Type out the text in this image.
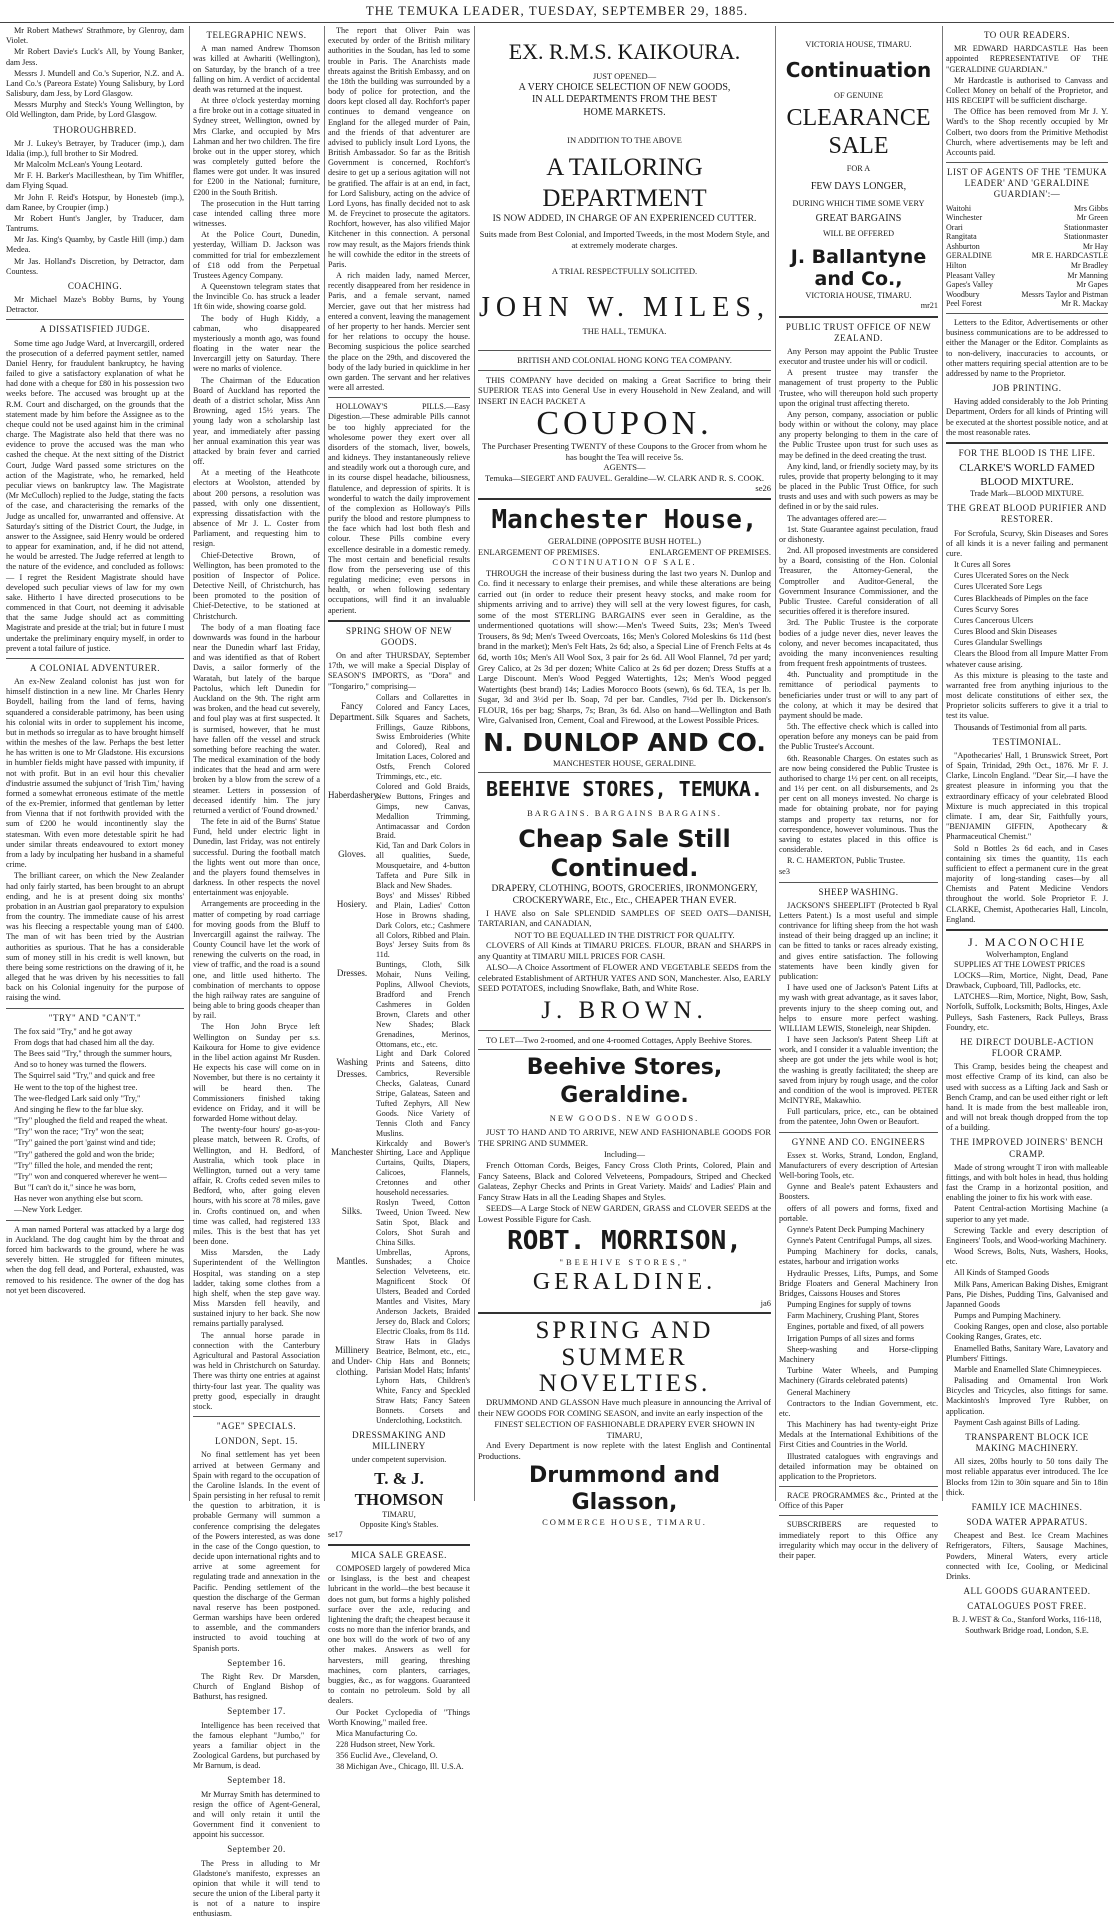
THE TEMUKA LEADER, TUESDAY, SEPTEMBER 29, 1885.

Mr Robert Mathews' Strathmore, by Glenroy, dam Violet.

Mr Robert Davie's Luck's All, by Young Banker, dam Jess.

Messrs J. Mundell and Co.'s Superior, N.Z. and A. Land Co.'s (Pareora Estate) Young Salisbury, by Lord Salisbury, dam Jess, by Lord Glasgow.

Messrs Murphy and Steck's Young Wellington, by Old Wellington, dam Pride, by Lord Glasgow.

THOROUGHBRED.

Mr J. Lukey's Betrayer, by Traducer (imp.), dam Idalia (imp.), full brother to Sir Modred.

Mr Malcolm McLean's Young Leotard.

Mr F. H. Barker's Macillesthean, by Tim Whiffler, dam Flying Squad.

Mr John F. Reid's Hotspur, by Honesteb (imp.), dam Ranee, by Croupier (imp.)

Mr Robert Hunt's Jangler, by Traducer, dam Tantrums.

Mr Jas. King's Quamby, by Castle Hill (imp.) dam Medea.

Mr Jas. Holland's Discretion, by Detractor, dam Countess.

COACHING.

Mr Michael Maze's Bobby Burns, by Young Detractor.

A DISSATISFIED JUDGE.

Some time ago Judge Ward, at Invercargill, ordered the prosecution of a deferred payment settler, named Daniel Henry, for fraudulent bankruptcy, he having failed to give a satisfactory explanation of what he had done with a cheque for £80 in his possession two weeks before. The accused was brought up at the R.M. Court and discharged, on the grounds that the statement made by him before the Assignee as to the cheque could not be used against him in the criminal charge. The Magistrate also held that there was no evidence to prove the accused was the man who cashed the cheque. At the next sitting of the District Court, Judge Ward passed some strictures on the action of the Magistrate, who, he remarked, held peculiar views on bankruptcy law. The Magistrate (Mr McCulloch) replied to the Judge, stating the facts of the case, and characterising the remarks of the Judge as uncalled for, unwarranted and offensive. At Saturday's sitting of the District Court, the Judge, in answer to the Assignee, said Henry would be ordered to appear for examination, and, if he did not attend, he would be arrested. The Judge referred at length to the nature of the evidence, and concluded as follows:— I regret the Resident Magistrate should have developed such peculiar views of law for my own sake. Hitherto I have directed prosecutions to be commenced in that Court, not deeming it advisable that the same Judge should act as committing Magistrate and preside at the trial; but in future I must undertake the preliminary enquiry myself, in order to prevent a total failure of justice.

A COLONIAL ADVENTURER.

An ex-New Zealand colonist has just won for himself distinction in a new line. Mr Charles Henry Boydell, hailing from the land of ferns, having squandered a considerable patrimony, has been using his colonial wits in order to supplement his income, but in methods so irregular as to have brought himself within the meshes of the law. Perhaps the best letter he has written is one to Mr Gladstone. His excursions in humbler fields might have passed with impunity, if not with profit. But in an evil hour this chevalier d'industrie assumed the subjunct of 'Irish Tim,' having formed a somewhat erroneous estimate of the mettle of the ex-Premier, informed that gentleman by letter from Vienna that if not forthwith provided with the sum of £200 he would incontinently slay the statesman. With even more detestable spirit he had under similar threats endeavoured to extort money from a lady by inculpating her husband in a shameful crime.

The brilliant career, on which the New Zealander had only fairly started, has been brought to an abrupt ending, and he is at present doing six months' probation in an Austrian gaol preparatory to expulsion from the country. The immediate cause of his arrest was his fleecing a respectable young man of £400. The man of wit has been tried by the Austrian authorities as spurious. That he has a considerable sum of money still in his credit is well known, but there being some restrictions on the drawing of it, he alleged that he was driven by his necessities to fall back on his Colonial ingenuity for the purpose of raising the wind.

"TRY" AND "CAN'T."

The fox said "Try," and he got away

From dogs that had chased him all the day.

The Bees said "Try," through the summer hours,

And so to honey was turned the flowers.

The Squirrel said "Try," and quick and free

He went to the top of the highest tree.

The wee-fledged Lark said only "Try,"

And singing he flew to the far blue sky.

"Try" ploughed the field and reaped the wheat.

"Try" won the race; "Try" won the seat;

"Try" gained the port 'gainst wind and tide;

"Try" gathered the gold and won the bride;

"Try" filled the hole, and mended the rent;

"Try" won and conquered wherever he went—

But "I can't do it," since he was born,

Has never won anything else but scorn.

—New York Ledger.

A man named Porteral was attacked by a large dog in Auckland. The dog caught him by the throat and forced him backwards to the ground, where he was severely bitten. He struggled for fifteen minutes, when the dog fell dead, and Porteral, exhausted, was removed to his residence. The owner of the dog has not yet been discovered.

TELEGRAPHIC NEWS.

A man named Andrew Thomson was killed at Awhariti (Wellington), on Saturday, by the branch of a tree falling on him. A verdict of accidental death was returned at the inquest.

At three o'clock yesterday morning a fire broke out in a cottage situated in Sydney street, Wellington, owned by Mrs Clarke, and occupied by Mrs Lahman and her two children. The fire broke out in the upper storey, which was completely gutted before the flames were got under. It was insured for £200 in the National; furniture, £200 in the South British.

The prosecution in the Hutt tarring case intended calling three more witnesses.

At the Police Court, Dunedin, yesterday, William D. Jackson was committed for trial for embezzlement of £18 odd from the Perpetual Trustees Agency Company.

A Queenstown telegram states that the Invincible Co. has struck a leader 1ft 6in wide, showing coarse gold.

The body of Hugh Kiddy, a cabman, who disappeared mysteriously a month ago, was found floating in the water near the Invercargill jetty on Saturday. There were no marks of violence.

The Chairman of the Education Board of Auckland has reported the death of a district scholar, Miss Ann Browning, aged 15½ years. The young lady won a scholarship last year, and immediately after passing her annual examination this year was attacked by brain fever and carried off.

At a meeting of the Heathcote electors at Woolston, attended by about 200 persons, a resolution was passed, with only one dissentient, expressing dissatisfaction with the absence of Mr J. L. Coster from Parliament, and requesting him to resign.

Chief-Detective Brown, of Wellington, has been promoted to the position of Inspector of Police. Detective Neill, of Christchurch, has been promoted to the position of Chief-Detective, to be stationed at Christchurch.

The body of a man floating face downwards was found in the harbour near the Dunedin wharf last Friday, and was identified as that of Robert Davis, a sailor formerly of the Waratah, but lately of the barque Pactolus, which left Dunedin for Auckland on the 9th. The right arm was broken, and the head cut severely, and foul play was at first suspected. It is surmised, however, that he must have fallen off the vessel and struck something before reaching the water. The medical examination of the body indicates that the head and arm were broken by a blow from the screw of a steamer. Letters in possession of deceased identify him. The jury returned a verdict of 'Found drowned.'

The fete in aid of the Burns' Statue Fund, held under electric light in Dunedin, last Friday, was not entirely successful. During the football match the lights went out more than once, and the players found themselves in darkness. In other respects the novel entertainment was enjoyable.

Arrangements are proceeding in the matter of competing by road carriage for moving goods from the Bluff to Invercargill against the railway. The County Council have let the work of renewing the culverts on the road, in view of traffic, and the road is a sound one, and little used hitherto. The combination of merchants to oppose the high railway rates are sanguine of being able to bring goods cheaper than by rail.

The Hon John Bryce left Wellington on Sunday per s.s. Kaikoura for Home to give evidence in the libel action against Mr Rusden. He expects his case will come on in November, but there is no certainty it will be heard then. The Commissioners finished taking evidence on Friday, and it will be forwarded Home without delay.

The twenty-four hours' go-as-you-please match, between R. Crofts, of Wellington, and H. Bedford, of Australia, which took place in Wellington, turned out a very tame affair, R. Crofts ceded seven miles to Bedford, who, after going eleven hours, with his score at 78 miles, gave in. Crofts continued on, and when time was called, had registered 133 miles. This is the best that has yet been done.

Miss Marsden, the Lady Superintendent of the Wellington Hospital, was standing on a step ladder, taking some clothes from a high shelf, when the step gave way. Miss Marsden fell heavily, and sustained injury to her back. She now remains partially paralysed.

The annual horse parade in connection with the Canterbury Agricultural and Pastoral Association was held in Christchurch on Saturday. There was thirty one entries at against thirty-four last year. The quality was pretty good, especially in draught stock.

"AGE" SPECIALS.
LONDON, Sept. 15.

No final settlement has yet been arrived at between Germany and Spain with regard to the occupation of the Caroline Islands. In the event of Spain persisting in her refusal to remit the question to arbitration, it is probable Germany will summon a conference comprising the delegates of the Powers interested, as was done in the case of the Congo question, to decide upon international rights and to arrive at some agreement for regulating trade and annexation in the Pacific. Pending settlement of the question the discharge of the German naval reserve has been postponed. German warships have been ordered to assemble, and the commanders instructed to avoid touching at Spanish ports.

September 16.

The Right Rev. Dr Marsden, Church of England Bishop of Bathurst, has resigned.

September 17.

Intelligence has been received that the famous elephant "Jumbo," for years a familiar object in the Zoological Gardens, but purchased by Mr Barnum, is dead.

September 18.

Mr Murray Smith has determined to resign the office of Agent-General, and will only retain it until the Government find it convenient to appoint his successor.

September 20.

The Press in alluding to Mr Gladstone's manifesto, expresses an opinion that while it will tend to secure the union of the Liberal party it is not of a nature to inspire enthusiasm.

The report that Oliver Pain was executed by order of the British military authorities in the Soudan, has led to some trouble in Paris. The Anarchists made threats against the British Embassy, and on the 18th the building was surrounded by a body of police for protection, and the doors kept closed all day. Rochfort's paper continues to demand vengeance on England for the alleged murder of Pain, and the friends of that adventurer are advised to publicly insult Lord Lyons, the British Ambassador. So far as the British Government is concerned, Rochfort's desire to get up a serious agitation will not be gratified. The affair is at an end, in fact, for Lord Salisbury, acting on the advice of Lord Lyons, has finally decided not to ask M. de Freycinet to prosecute the agitators. Rochfort, however, has also vilified Major Kitchener in this connection. A personal row may result, as the Majors friends think he will cowhide the editor in the streets of Paris.

A rich maiden lady, named Mercer, recently disappeared from her residence in Paris, and a female servant, named Mercier, gave out that her mistress had entered a convent, leaving the management of her property to her hands. Mercier sent for her relations to occupy the house. Becoming suspicious the police searched the place on the 29th, and discovered the body of the lady buried in quicklime in her own garden. The servant and her relatives were all arrested.

HOLLOWAY'S PILLS.—Easy Digestion.—These admirable Pills cannot be too highly appreciated for the wholesome power they exert over all disorders of the stomach, liver, bowels, and kidneys. They instantaneously relieve and steadily work out a thorough cure, and in its course dispel headache, biliousness, flatulence, and depression of spirits. It is wonderful to watch the daily improvement of the complexion as Holloway's Pills purify the blood and restore plumpness to the face which had lost both flesh and colour. These Pills combine every excellence desirable in a domestic remedy. The most certain and beneficial results flow from the persevering use of this regulating medicine; even persons in health, or when following sedentary occupations, will find it an invaluable aperient.

SPRING SHOW OF NEW GOODS.

On and after THURSDAY, September 17th, we will make a Special Display of SEASON'S IMPORTS, as "Dora" and "Tongariro," comprising—

Fancy Department.
Collars and Collarettes in Colored and Fancy Laces, Silk Squares and Sachets, Frillings, Gauze Ribbons, Swiss Embroideries (White and Colored), Real and Imitation Laces, Colored and Ostfs, French Colored Trimmings, etc., etc.
Haberdashery.
Colored and Gold Braids, New Buttons, Fringes and Gimps, new Canvas, Medallion Trimming, Antimacassar and Cordon Braid.
Gloves.
Kid, Tan and Dark Colors in all qualities, Suede, Mousquetaire, and 4-button Taffeta and Pure Silk in Black and New Shades.
Hosiery.
Boys' and Misses' Ribbed and Plain, Ladies' Cotton Hose in Browns shading, Dark Colors, etc.; Cashmere all Colors, Ribbed and Plain. Boys' Jersey Suits from 8s 11d.
Dresses.
Buntings, Cloth, Silk Mohair, Nuns Veiling, Poplins, Allwool Cheviots, Bradford and French Cashmeres in Golden Brown, Clarets and other New Shades; Black Grenadines, Merinos, Ottomans, etc., etc.
Washing Dresses.
Light and Dark Colored Prints and Sateens, ditto Cambrics, Reversible Checks, Galateas, Cunard Stripe, Galateas, Sateen and Tufted Zephyrs, All New Goods. Nice Variety of Tennis Cloth and Fancy Muslins.
Manchester
Kirkcaldy and Bower's Shirting, Lace and Applique Curtains, Quilts, Diapers, Calicoes, Flannels, Cretonnes and other household necessaries.
Silks.
Roslyn Tweed, Cotton Tweed, Union Tweed. New Satin Spot, Black and Colors, Shot Surah and China Silks.
Mantles.
Umbrellas, Aprons, Sunshades; a Choice Selection Velveteens, etc. Magnificent Stock Of Ulsters, Beaded and Corded Mantles and Visites, Mary Anderson Jackets, Braided Jersey do, Black and Colors; Electric Cloaks, from 8s 11d.
Millinery and Under-clothing.
Straw Hats in Gladys Beatrice, Belmont, etc., etc., Chip Hats and Bonnets; Parisian Model Hats; Infants' Lyhorn Hats, Children's White, Fancy and Speckled Straw Hats; Fancy Sateen Bonnets. Corsets and Underclothing, Lockstitch.
DRESSMAKING AND MILLINERY
under competent supervision.
T. & J. THOMSON
TIMARU,
Opposite King's Stables.
se17
MICA SALE GREASE.

COMPOSED largely of powdered Mica or Isinglass, is the best and cheapest lubricant in the world—the best because it does not gum, but forms a highly polished surface over the axle, reducing and lightening the draft; the cheapest because it costs no more than the inferior brands, and one box will do the work of two of any other makes. Answers as well for harvesters, mill gearing, threshing machines, corn planters, carriages, buggies, &c., as for waggons. Guaranteed to contain no petroleum. Sold by all dealers.

Our Pocket Cyclopedia of "Things Worth Knowing," mailed free.

Mica Manufacturing Co.

228 Hudson street, New York.

356 Euclid Ave., Cleveland, O.

38 Michigan Ave., Chicago, Ill. U.S.A.

EX. R.M.S. KAIKOURA.
JUST OPENED—
A VERY CHOICE SELECTION OF NEW GOODS, IN ALL DEPARTMENTS FROM THE BEST HOME MARKETS.
IN ADDITION TO THE ABOVE
A TAILORING DEPARTMENT
IS NOW ADDED, IN CHARGE OF AN EXPERIENCED CUTTER.
Suits made from Best Colonial, and Imported Tweeds, in the most Modern Style, and at extremely moderate charges.
A TRIAL RESPECTFULLY SOLICITED.
JOHN W. MILES,
THE HALL, TEMUKA.
BRITISH AND COLONIAL HONG KONG TEA COMPANY.

THIS COMPANY have decided on making a Great Sacrifice to bring their SUPERIOR TEAS into General Use in every Household in New Zealand, and will INSERT IN EACH PACKET A

COUPON.
The Purchaser Presenting TWENTY of these Coupons to the Grocer from whom he has bought the Tea will receive 5s.
AGENTS—
Temuka—SIEGERT AND FAUVEL. Geraldine—W. CLARK AND R. S. COOK.
se26
Manchester House,
GERALDINE (OPPOSITE BUSH HOTEL.)
ENLARGEMENT OF PREMISES.	ENLARGEMENT OF PREMISES.
CONTINUATION OF SALE.

THROUGH the increase of their business during the last two years N. Dunlop and Co. find it necessary to enlarge their premises, and while these alterations are being carried out (in order to reduce their present heavy stocks, and make room for shipments arriving and to arrive) they will sell at the very lowest figures, for cash, some of the most STERLING BARGAINS ever seen in Geraldine, as the undermentioned quotations will show:—Men's Tweed Suits, 23s; Men's Tweed Trousers, 8s 9d; Men's Tweed Overcoats, 16s; Men's Colored Moleskins 6s 11d (best brand in the market); Men's Felt Hats, 2s 6d; also, a Special Line of French Felts at 4s 6d, worth 10s; Men's All Wool Sox, 3 pair for 2s 6d. All Wool Flannel, 7d per yard; Grey Calico, at 2s 3d per dozen; White Calico at 2s 6d per dozen; Dress Stuffs at a Large Discount. Men's Wood Pegged Watertights, 12s; Men's Wood pegged Watertights (best brand) 14s; Ladies Morocco Boots (sewn), 6s 6d. TEA, 1s per lb. Sugar, 3d and 3½d per lb. Soap, 7d per bar. Candles, 7½d per lb. Dickenson's FLOUR, 16s per bag; Sharps, 7s; Bran, 3s 6d. Also on hand—Wellington and Bath Wire, Galvanised Iron, Cement, Coal and Firewood, at the Lowest Possible Prices.

N. DUNLOP AND CO.
MANCHESTER HOUSE, GERALDINE.
BEEHIVE STORES, TEMUKA.
BARGAINS. BARGAINS BARGAINS.
Cheap Sale Still Continued.
DRAPERY, CLOTHING, BOOTS, GROCERIES, IRONMONGERY, CROCKERYWARE, Etc., Etc., CHEAPER THAN EVER.

I HAVE also on Sale SPLENDID SAMPLES OF SEED OATS—DANISH, TARTARIAN, and CANADIAN,

NOT TO BE EQUALLED IN THE DISTRICT FOR QUALITY.

CLOVERS of All Kinds at TIMARU PRICES. FLOUR, BRAN and SHARPS in any Quantity at TIMARU MILL PRICES FOR CASH.

ALSO—A Choice Assortment of FLOWER AND VEGETABLE SEEDS from the celebrated Establishment of ARTHUR YATES AND SON, Manchester. Also, EARLY SEED POTATOES, including Snowflake, Bath, and White Rose.

J. BROWN.

TO LET—Two 2-roomed, and one 4-roomed Cottages, Apply Beehive Stores.

Beehive Stores, Geraldine.
NEW GOODS. NEW GOODS.

JUST TO HAND AND TO ARRIVE, NEW AND FASHIONABLE GOODS FOR THE SPRING AND SUMMER.

Including—

French Ottoman Cords, Beiges, Fancy Cross Cloth Prints, Colored, Plain and Fancy Sateens, Black and Colored Velveteens, Pompadours, Striped and Checked Galateas, Zephyr Checks and Prints in Great Variety. Maids' and Ladies' Plain and Fancy Straw Hats in all the Leading Shapes and Styles.

SEEDS—A Large Stock of NEW GARDEN, GRASS and CLOVER SEEDS at the Lowest Possible Figure for Cash.

ROBT. MORRISON,
"BEEHIVE STORES,"
GERALDINE.
ja6
SPRING AND SUMMER NOVELTIES.

DRUMMOND AND GLASSON Have much pleasure in announcing the Arrival of their NEW GOODS FOR COMING SEASON, and invite an early inspection of the

FINEST SELECTION OF FASHIONABLE DRAPERY EVER SHOWN IN TIMARU,

And Every Department is now replete with the latest English and Continental Productions.

Drummond and Glasson,
COMMERCE HOUSE, TIMARU.
VICTORIA HOUSE, TIMARU.
Continuation
OF GENUINE
CLEARANCE SALE
FOR A
FEW DAYS LONGER,
DURING WHICH TIME SOME VERY
GREAT BARGAINS
WILL BE OFFERED
J. Ballantyne and Co.,
VICTORIA HOUSE, TIMARU.
mr21
PUBLIC TRUST OFFICE OF NEW ZEALAND.

Any Person may appoint the Public Trustee executor and trustee under his will or codicil.

A present trustee may transfer the management of trust property to the Public Trustee, who will thereupon hold such property upon the original trust affecting thereto.

Any person, company, association or public body within or without the colony, may place any property belonging to them in the care of the Public Trustee upon trust for such uses as may be defined in the deed creating the trust.

Any kind, land, or friendly society may, by its rules, provide that property belonging to it may be placed in the Public Trust Office, for such trusts and uses and with such powers as may be defined in or by the said rules.

The advantages offered are:—

1st. State Guarantee against peculation, fraud or dishonesty.

2nd. All proposed investments are considered by a Board, consisting of the Hon. Colonial Treasurer, the Attorney-General, the Comptroller and Auditor-General, the Government Insurance Commissioner, and the Public Trustee. Careful consideration of all securities offered it is therefore insured.

3rd. The Public Trustee is the corporate bodies of a judge never dies, never leaves the colony, and never becomes incapacitated, thus avoiding the many inconveniences resulting from frequent fresh appointments of trustees.

4th. Punctuality and promptitude in the remittance of periodical payments to beneficiaries under trust or will to any part of the colony, at which it may be desired that payment should be made.

5th. The effective check which is called into operation before any moneys can be paid from the Public Trustee's Account.

6th. Reasonable Charges. On estates such as are now being considered the Public Trustee is authorised to charge 1½ per cent. on all receipts, and 1½ per cent. on all disbursements, and 2s per cent on all moneys invested. No charge is made for obtaining probate, nor for paying stamps and property tax returns, nor for correspondence, however voluminous. Thus the saving to estates placed in this office is considerable.

R. C. HAMERTON, Public Trustee.

se3
SHEEP WASHING.

JACKSON'S SHEEPLIFT (Protected b Ryal Letters Patent.) Is a most useful and simple contrivance for lifting sheep from the hot wash instead of their being dragged up an incline; it can be fitted to tanks or races already existing, and gives entire satisfaction. The following statements have been kindly given for publication:

I have used one of Jackson's Patent Lifts at my wash with great advantage, as it saves labor, prevents injury to the sheep coming out, and helps to ensure more perfect washing. WILLIAM LEWIS, Stoneleigh, near Shipden.

I have seen Jackson's Patent Sheep Lift at work, and I consider it a valuable invention; the sheep are got under the jets while wool is hot; the washing is greatly facilitated; the sheep are saved from injury by rough usage, and the color and condition of the wool is improved. PETER McINTYRE, Makawhio.

Full particulars, price, etc., can be obtained from the patentee, John Owen or Beaufort.

GYNNE AND CO. ENGINEERS

Essex st. Works, Strand, London, England, Manufacturers of every description of Artesian Well-boring Tools, etc.

Gynne and Beale's patent Exhausters and Boosters.

offers of all powers and forms, fixed and portable.

Gynne's Patent Deck Pumping Machinery

Gynne's Patent Centrifugal Pumps, all sizes.

Pumping Machinery for docks, canals, estates, harbour and irrigation works

Hydraulic Presses, Lifts, Pumps, and Some Bridge Floaters and General Machinery Iron Bridges, Caissons Houses and Stores

Pumping Engines for supply of towns

Farm Machinery, Crushing Plant, Stores

Engines, portable and fixed, of all powers

Irrigation Pumps of all sizes and forms

Sheep-washing and Horse-clipping Machinery

Turbine Water Wheels, and Pumping Machinery (Girards celebrated patents)

General Machinery

Contractors to the Indian Government, etc. etc.

This Machinery has had twenty-eight Prize Medals at the International Exhibitions of the First Cities and Countries in the World.

Illustrated catalogues with engravings and detailed information may be obtained on application to the Proprietors.

RACE PROGRAMMES &c., Printed at the Office of this Paper

SUBSCRIBERS are requested to immediately report to this Office any irregularity which may occur in the delivery of their paper.

TO OUR READERS.

MR EDWARD HARDCASTLE Has been appointed REPRESENTATIVE OF THE "GERALDINE GUARDIAN."

Mr Hardcastle is authorised to Canvass and Collect Money on behalf of the Proprietor, and HIS RECEIPT will be sufficient discharge.

The Office has been removed from Mr J. Y. Ward's to the Shop recently occupied by Mr Colbert, two doors from the Primitive Methodist Church, where advertisements may be left and Accounts paid.

LIST OF AGENTS OF THE 'TEMUKA LEADER' AND 'GERALDINE GUARDIAN':—
Waitohi	Mrs Gibbs
Winchester	Mr Green
Orari	Stationmaster
Rangitata	Stationmaster
Ashburton	Mr Hay
GERALDINE	MR E. HARDCASTLE
Hilton	Mr Bradley
Pleasant Valley	Mr Manning
Gapes's Valley	Mr Gapes
Woodbury	Messrs Taylor and Pistman
Peel Forest	Mr R. Mackay

Letters to the Editor, Advertisements or other business communications are to be addressed to either the Manager or the Editor. Complaints as to non-delivery, inaccuracies to accounts, or other matters requiring special attention are to be addressed by name to the Proprietor.

JOB PRINTING.

Having added considerably to the Job Printing Department, Orders for all kinds of Printing will be executed at the shortest possible notice, and at the most reasonable rates.

FOR THE BLOOD IS THE LIFE.
CLARKE'S WORLD FAMED BLOOD MIXTURE.
Trade Mark—BLOOD MIXTURE.
THE GREAT BLOOD PURIFIER AND RESTORER.

For Scrofula, Scurvy, Skin Diseases and Sores of all kinds it is a never failing and permanent cure.

It Cures all Sores

Cures Ulcerated Sores on the Neck

Cures Ulcerated Sore Legs

Cures Blackheads of Pimples on the face

Cures Scurvy Sores

Cures Cancerous Ulcers

Cures Blood and Skin Diseases

Cures Glandular Swellings

Clears the Blood from all Impure Matter From whatever cause arising.

As this mixture is pleasing to the taste and warranted free from anything injurious to the most delicate constitutions of either sex, the Proprietor solicits sufferers to give it a trial to test its value.

Thousands of Testimonial from all parts.

TESTIMONIAL.

"Apothecaries' Hall, 1 Brunswick Street, Port of Spain, Trinidad, 29th Oct., 1876. Mr F. J. Clarke, Lincoln England. "Dear Sir,—I have the greatest pleasure in informing you that the extraordinary efficacy of your celebrated Blood Mixture is much appreciated in this tropical climate. I am, dear Sir, Faithfully yours, "BENJAMIN GIFFIN, Apothecary & Pharmaceutical Chemist."

Sold n Bottles 2s 6d each, and in Cases containing six times the quantity, 11s each sufficient to effect a permanent cure in the great majority of long-standing cases—by all Chemists and Patent Medicine Vendors throughout the world. Sole Proprietor F. J. CLARKE, Chemist, Apothecaries Hall, Lincoln, England.

J. MACONOCHIE
Wolverhampton, England

SUPPLIES AT THE LOWEST PRICES

LOCKS—Rim, Mortice, Night, Dead, Pane Drawback, Cupboard, Till, Padlocks, etc.

LATCHES—Rim, Mortice, Night, Bow, Sash, Norfolk, Suffolk, Locksmith; Bolts, Hinges, Axle Pulleys, Sash Fasteners, Rack Pulleys, Brass Foundry, etc.

HE DIRECT DOUBLE-ACTION FLOOR CRAMP.

This Cramp, besides being the cheapest and most effective Cramp of its kind, can also be used with success as a Lifting Jack and Sash or Bench Cramp, and can be used either right or left hand. It is made from the best malleable iron, and will not break though dropped from the top of a building.

THE IMPROVED JOINERS' BENCH CRAMP.

Made of strong wrought T iron with malleable fittings, and with bolt holes in head, thus holding fast the Cramp in a horizontal position, and enabling the joiner to fix his work with ease.

Patent Central-action Mortising Machine (a superior to any yet made.

Screwing Tackle and every description of Engineers' Tools, and Wood-working Machinery.

Wood Screws, Bolts, Nuts, Washers, Hooks, etc.

All Kinds of Stamped Goods

Milk Pans, American Baking Dishes, Emigrant Pans, Pie Dishes, Pudding Tins, Galvanised and Japanned Goods

Pumps and Pumping Machinery.

Cooking Ranges, open and close, also portable Cooking Ranges, Grates, etc.

Enamelled Baths, Sanitary Ware, Lavatory and Plumbers' Fittings.

Marble and Enamelled Slate Chimneypieces.

Palisading and Ornamental Iron Work Bicycles and Tricycles, also fittings for same. Mackintosh's Improved Tyre Rubber, on application.

Payment Cash against Bills of Lading.

TRANSPARENT BLOCK ICE MAKING MACHINERY.

All sizes, 20lbs hourly to 50 tons daily The most reliable apparatus ever introduced. The Ice Blocks from 12in to 30in square and 5in to 18in thick.

FAMILY ICE MACHINES.
SODA WATER APPARATUS.

Cheapest and Best. Ice Cream Machines Refrigerators, Filters, Sausage Machines, Powders, Mineral Waters, every article connected with Ice, Cooling, or Medicinal Drinks.

ALL GOODS GUARANTEED.
CATALOGUES POST FREE.
B. J. WEST & Co., Stanford Works, 116-118, Southwark Bridge road, London, S.E.
